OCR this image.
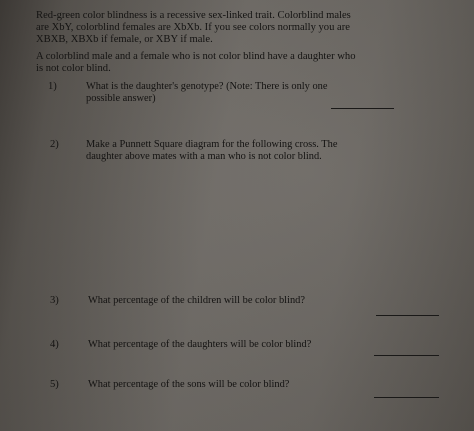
Red-green color blindness is a recessive sex-linked trait. Colorblind males

are XbY, colorblind females are XbXb. If you see colors normally you are

XBXB, XBXb if female, or XBY if male.

A colorblind male and a female who is not color blind have a daughter who

is not color blind.

1)	What is the daughter's genotype? (Note: There is only one
possible answer)
2)	Make a Punnett Square diagram for the following cross. The
daughter above mates with a man who is not color blind.
3)	What percentage of the children will be color blind?
4)	What percentage of the daughters will be color blind?
5)	What percentage of the sons will be color blind?
